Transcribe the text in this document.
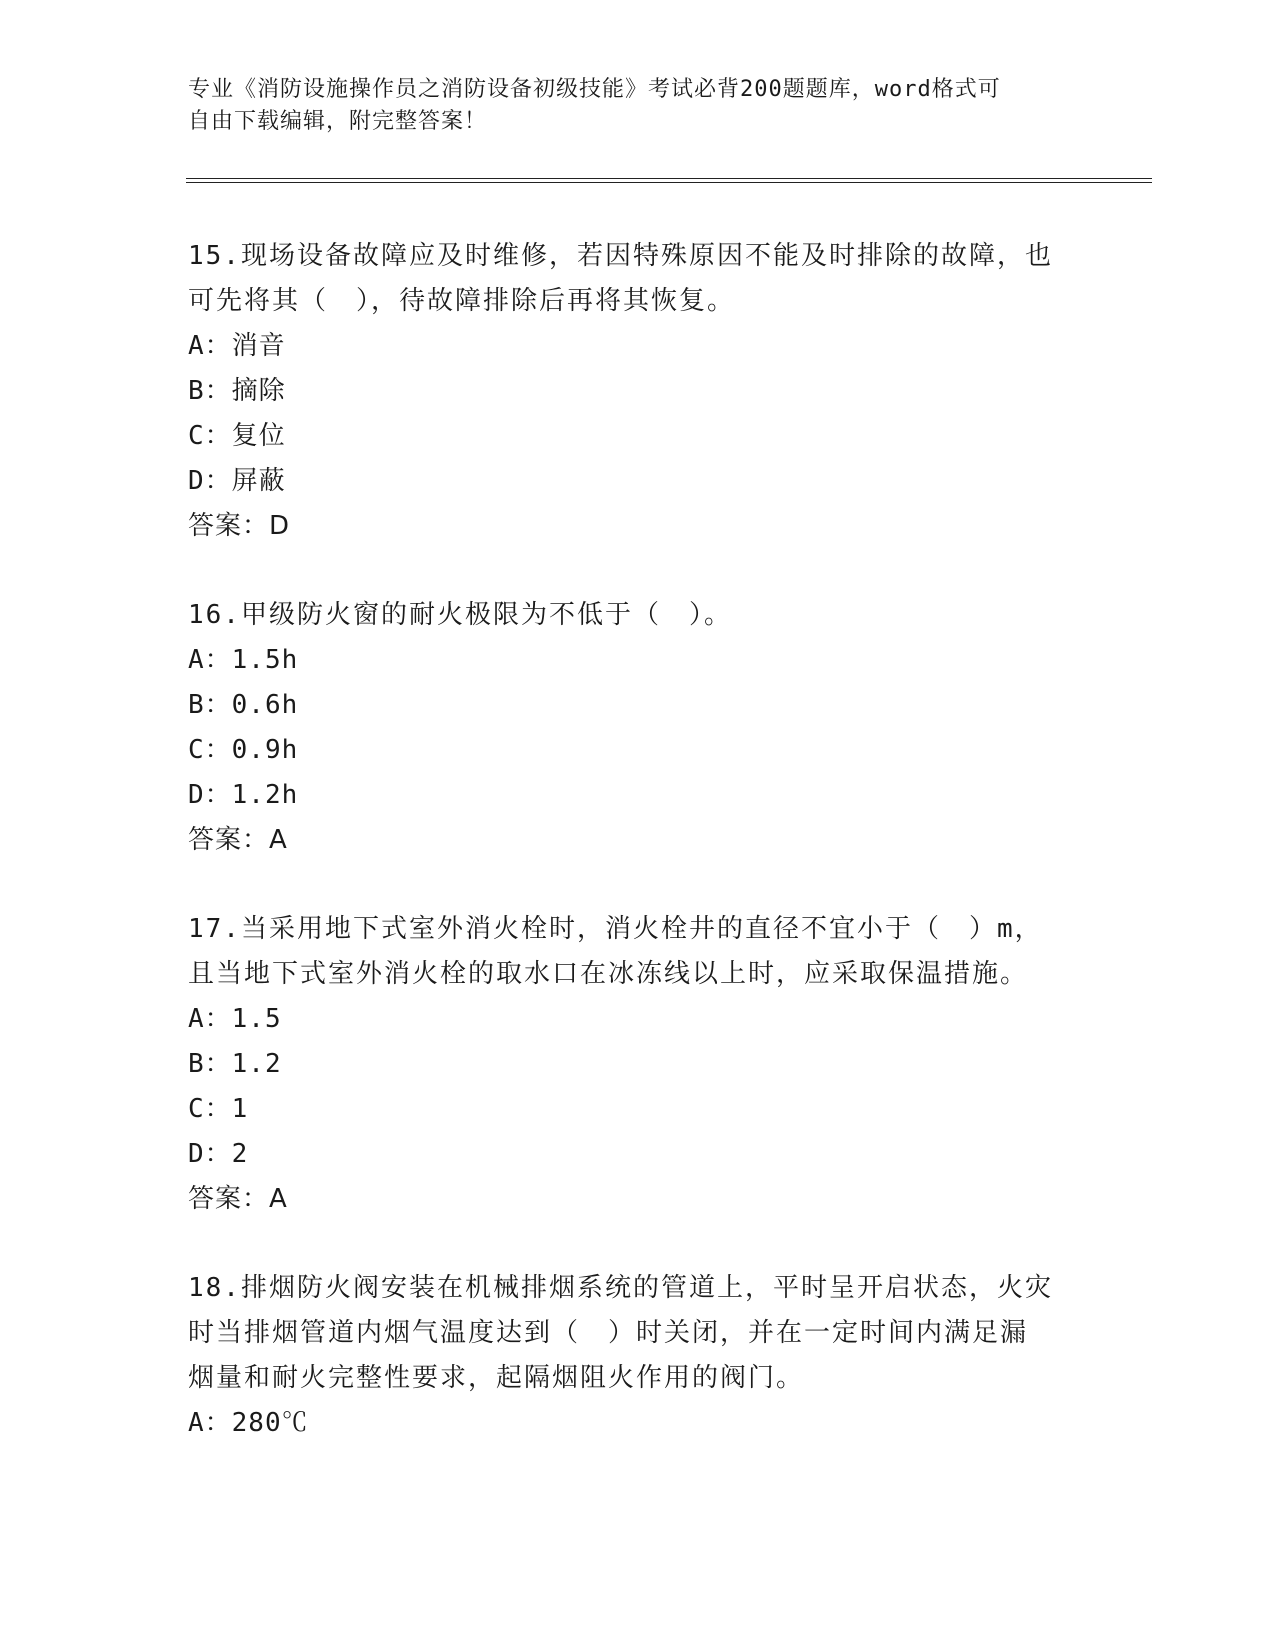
专业《消防设施操作员之消防设备初级技能》考试必背200题题库，word格式可
自由下载编辑，附完整答案！

15.现场设备故障应及时维修，若因特殊原因不能及时排除的故障，也

可先将其（　），待故障排除后再将其恢复。

A：消音

B：摘除

C：复位

D：屏蔽

答案：D

16.甲级防火窗的耐火极限为不低于（　）。

A：1.5h

B：0.6h

C：0.9h

D：1.2h

答案：A

17.当采用地下式室外消火栓时，消火栓井的直径不宜小于（　）m，

且当地下式室外消火栓的取水口在冰冻线以上时，应采取保温措施。

A：1.5

B：1.2

C：1

D：2

答案：A

18.排烟防火阀安装在机械排烟系统的管道上，平时呈开启状态，火灾

时当排烟管道内烟气温度达到（　）时关闭，并在一定时间内满足漏

烟量和耐火完整性要求，起隔烟阻火作用的阀门。

A：280℃
